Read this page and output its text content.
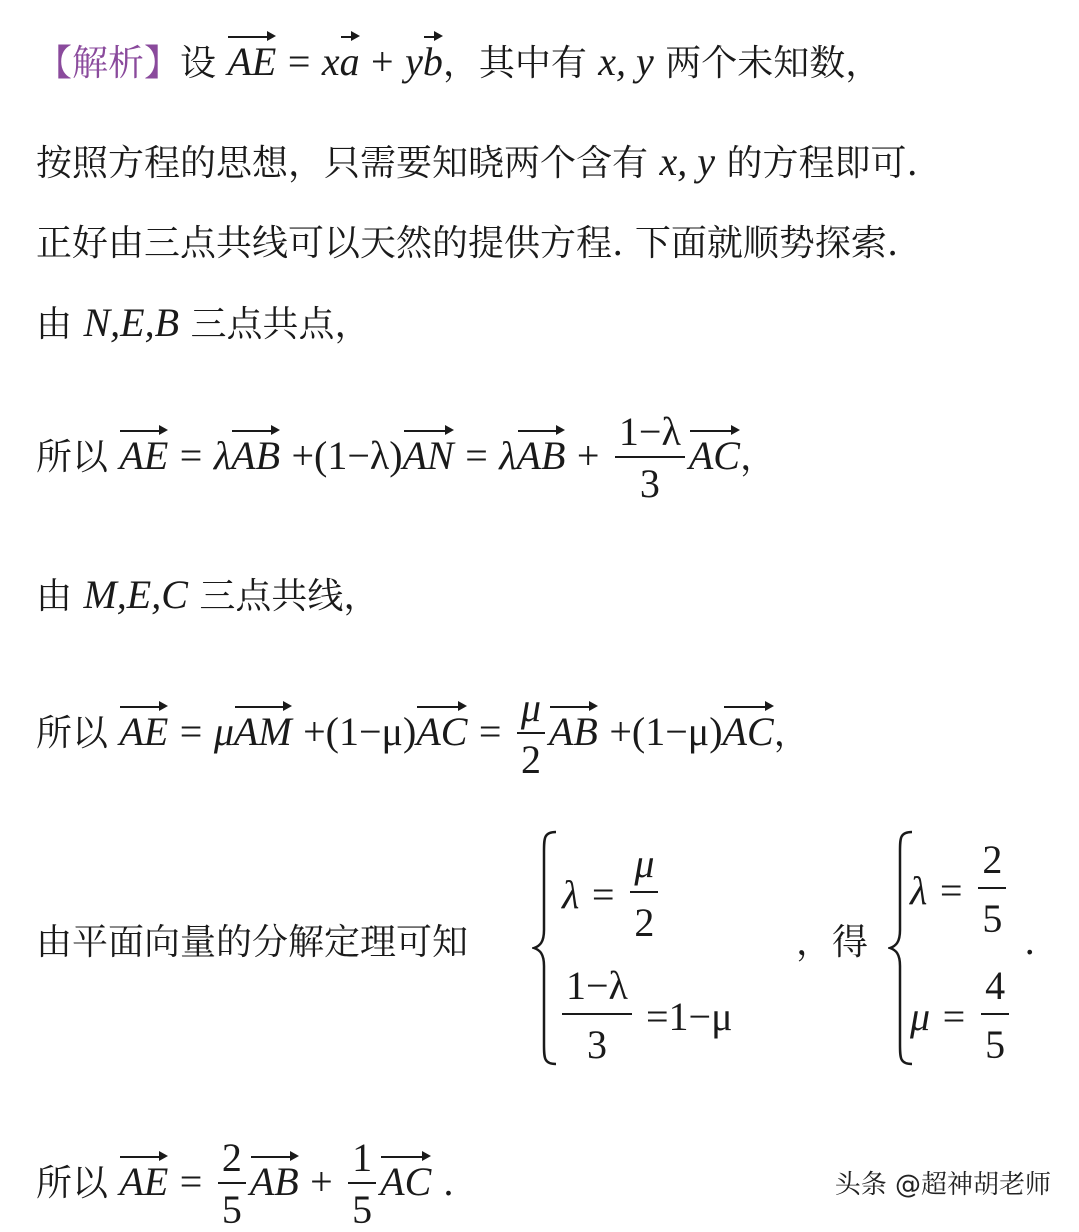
【解析】设 AE = xa + yb，其中有 x, y 两个未知数，
按照方程的思想，只需要知晓两个含有 x, y 的方程即可.
正好由三点共线可以天然的提供方程. 下面就顺势探索.
由 N,E,B 三点共点，
所以 AE = $\lambda AB +(1-\lambda)AN = \lambda AB + \frac{1-\lambda}{3}$ AC，
由 M,E,C 三点共线，
所以 AE = $\mu AM +(1-\mu)AC = \frac{\mu}{2}$ AB +(1−μ)AC，
由平面向量的分解定理可知
$\lambda = \frac{\mu}{2}$
$\frac{1-\lambda}{3} =1-\mu$
，得
$\lambda = \frac{2}{5}$
$\mu = \frac{4}{5}$
.
所以 AE = $\frac{2}{5}$ AB + $\frac{1}{5}$ AC .	头条 @超神胡老师
